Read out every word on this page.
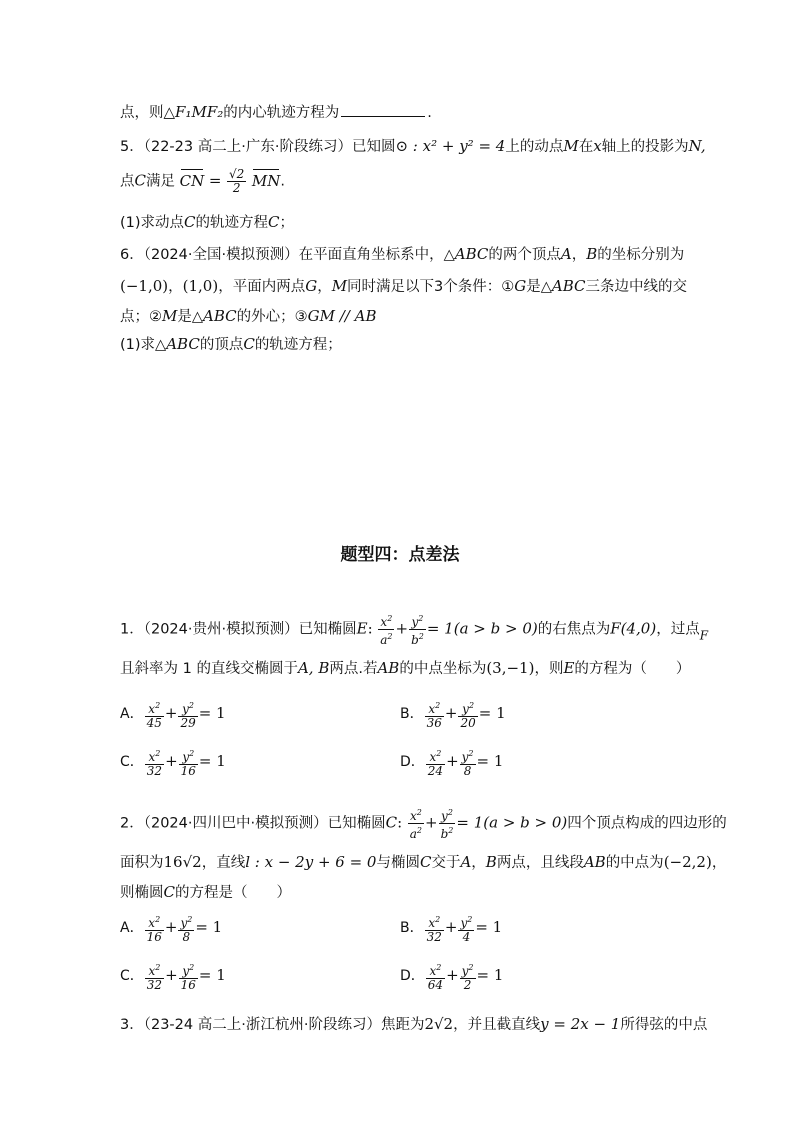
点，则△F₁MF₂的内心轨迹方程为	.
5．（22-23 高二上·广东·阶段练习）已知圆⊙ : x² + y² = 4上的动点M在x轴上的投影为N,
点C满足 CN = $\frac{√2}{2}$ MN.
(1)求动点C的轨迹方程C；
6．（2024·全国·模拟预测）在平面直角坐标系中，△ABC的两个顶点A，B的坐标分别为
(−1,0)，(1,0)，平面内两点G，M同时满足以下3个条件：①G是△ABC三条边中线的交
点；②M是△ABC的外心；③GM // AB
(1)求△ABC的顶点C的轨迹方程；
题型四：点差法
1．（2024·贵州·模拟预测）已知椭圆E: $\frac{x^2}{a^2} + \frac{y^2}{b^2} = 1(a > b > 0)$的右焦点为F(4,0)，过点$_F$
且斜率为 1 的直线交椭圆于A, B两点.若AB的中点坐标为(3,−1)，则E的方程为（　　）
A． $\frac{x^2}{45} + \frac{y^2}{29} = 1$	B． $\frac{x^2}{36} + \frac{y^2}{20} = 1$
C． $\frac{x^2}{32} + \frac{y^2}{16} = 1$	D． $\frac{x^2}{24} + \frac{y^2}{8} = 1$
2．（2024·四川巴中·模拟预测）已知椭圆C: $\frac{x^2}{a^2} + \frac{y^2}{b^2} = 1(a > b > 0)$四个顶点构成的四边形的
面积为16√2，直线l : x − 2y + 6 = 0与椭圆C交于A，B两点，且线段AB的中点为(−2,2)，
则椭圆C的方程是（　　）
A． $\frac{x^2}{16} + \frac{y^2}{8} = 1$	B． $\frac{x^2}{32} + \frac{y^2}{4} = 1$
C． $\frac{x^2}{32} + \frac{y^2}{16} = 1$	D． $\frac{x^2}{64} + \frac{y^2}{2} = 1$
3．（23-24 高二上·浙江杭州·阶段练习）焦距为2√2，并且截直线y = 2x − 1所得弦的中点
